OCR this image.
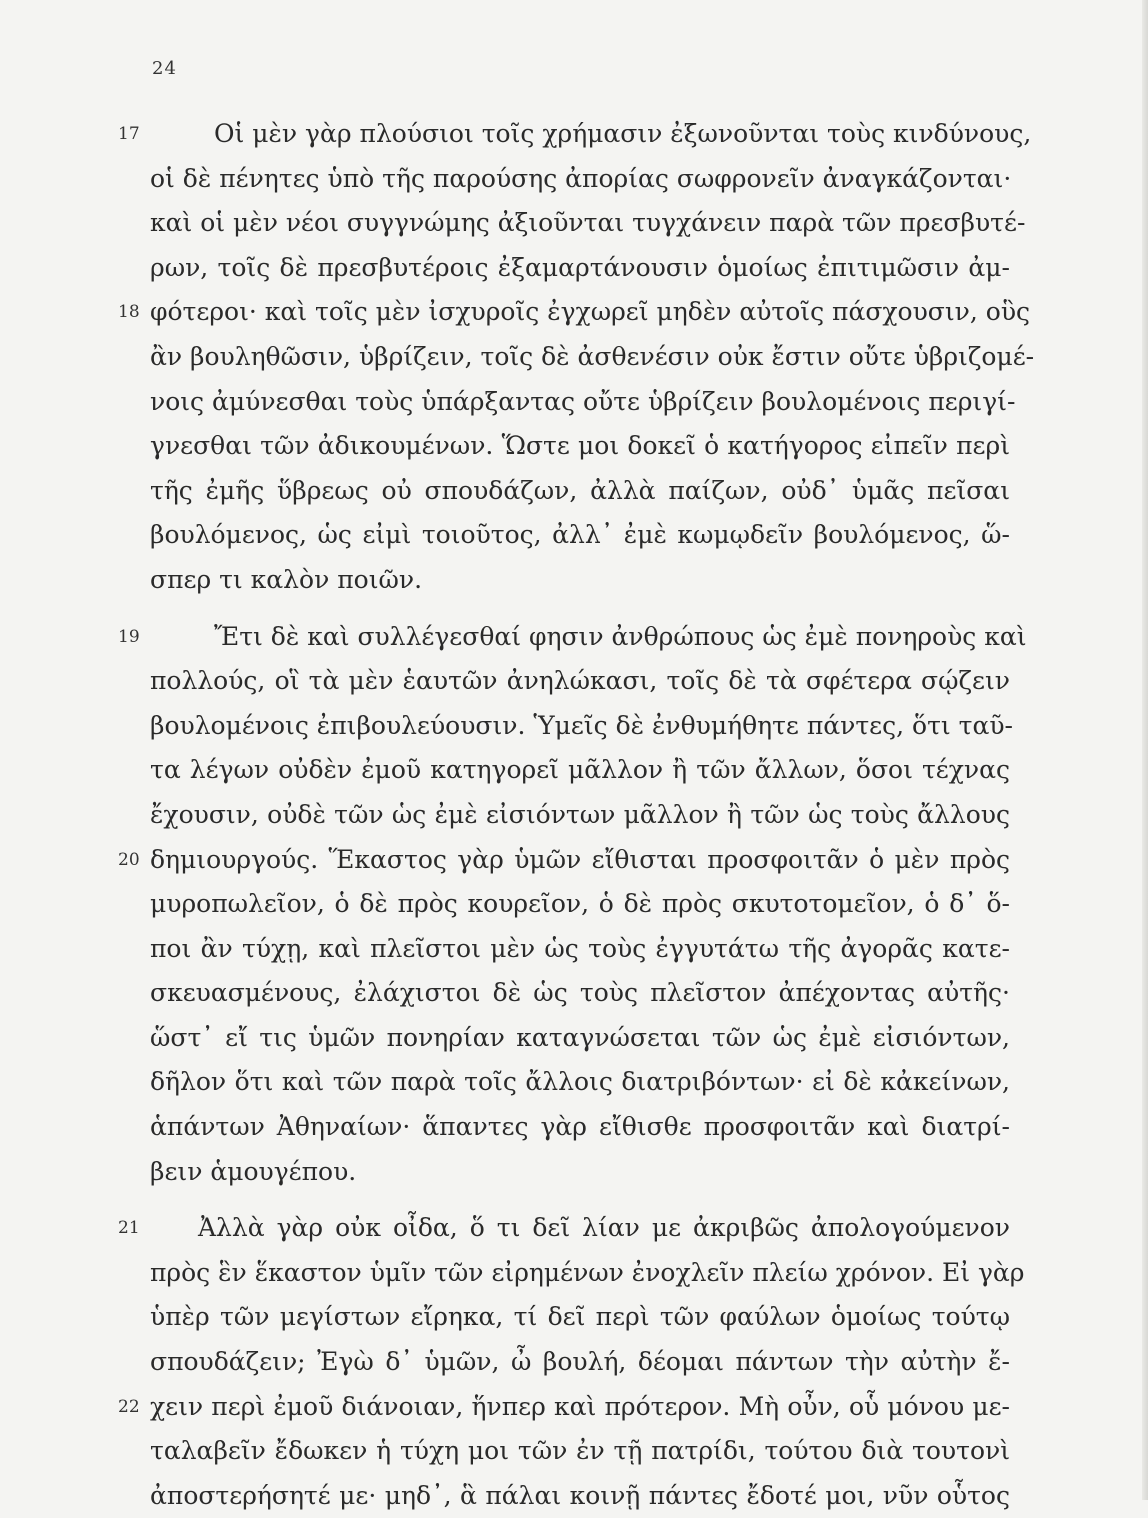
24
17	Οἱ μὲν γὰρ πλούσιοι τοῖς χρήμασιν ἐξωνοῦνται τοὺς κινδύνους,
οἱ δὲ πένητες ὑπὸ τῆς παρούσης ἀπορίας σωφρονεῖν ἀναγκάζονται·
καὶ οἱ μὲν νέοι συγγνώμης ἀξιοῦνται τυγχάνειν παρὰ τῶν πρεσβυτέ-
ρων, τοῖς δὲ πρεσβυτέροις ἐξαμαρτάνουσιν ὁμοίως ἐπιτιμῶσιν ἀμ-
18 φότεροι· καὶ τοῖς μὲν ἰσχυροῖς ἐγχωρεῖ μηδὲν αὐτοῖς πάσχουσιν, οὓς
ἂν βουληθῶσιν, ὑβρίζειν, τοῖς δὲ ἀσθενέσιν οὐκ ἔστιν οὔτε ὑβριζομέ-
νοις ἀμύνεσθαι τοὺς ὑπάρξαντας οὔτε ὑβρίζειν βουλομένοις περιγί-
γνεσθαι τῶν ἀδικουμένων. Ὥστε μοι δοκεῖ ὁ κατήγορος εἰπεῖν περὶ
τῆς ἐμῆς ὕβρεως οὐ σπουδάζων, ἀλλὰ παίζων, οὐδ᾽ ὑμᾶς πεῖσαι
βουλόμενος, ὡς εἰμὶ τοιοῦτος, ἀλλ᾽ ἐμὲ κωμῳδεῖν βουλόμενος, ὥ-
σπερ τι καλὸν ποιῶν.
19	Ἔτι δὲ καὶ συλλέγεσθαί φησιν ἀνθρώπους ὡς ἐμὲ πονηροὺς καὶ
πολλούς, οἳ τὰ μὲν ἑαυτῶν ἀνηλώκασι, τοῖς δὲ τὰ σφέτερα σῴζειν
βουλομένοις ἐπιβουλεύουσιν. Ὑμεῖς δὲ ἐνθυμήθητε πάντες, ὅτι ταῦ-
τα λέγων οὐδὲν ἐμοῦ κατηγορεῖ μᾶλλον ἢ τῶν ἄλλων, ὅσοι τέχνας
ἔχουσιν, οὐδὲ τῶν ὡς ἐμὲ εἰσιόντων μᾶλλον ἢ τῶν ὡς τοὺς ἄλλους
20 δημιουργούς. Ἕκαστος γὰρ ὑμῶν εἴθισται προσφοιτᾶν ὁ μὲν πρὸς
μυροπωλεῖον, ὁ δὲ πρὸς κουρεῖον, ὁ δὲ πρὸς σκυτοτομεῖον, ὁ δ᾽ ὅ-
ποι ἂν τύχῃ, καὶ πλεῖστοι μὲν ὡς τοὺς ἐγγυτάτω τῆς ἀγορᾶς κατε-
σκευασμένους, ἐλάχιστοι δὲ ὡς τοὺς πλεῖστον ἀπέχοντας αὐτῆς·
ὥστ᾽ εἴ τις ὑμῶν πονηρίαν καταγνώσεται τῶν ὡς ἐμὲ εἰσιόντων,
δῆλον ὅτι καὶ τῶν παρὰ τοῖς ἄλλοις διατριβόντων· εἰ δὲ κἀκείνων,
ἁπάντων Ἀθηναίων· ἅπαντες γὰρ εἴθισθε προσφοιτᾶν καὶ διατρί-
βειν ἁμουγέπου.
21	Ἀλλὰ γὰρ οὐκ οἶδα, ὅ τι δεῖ λίαν με ἀκριβῶς ἀπολογούμενον
πρὸς ἓν ἕκαστον ὑμῖν τῶν εἰρημένων ἐνοχλεῖν πλείω χρόνον. Εἰ γὰρ
ὑπὲρ τῶν μεγίστων εἴρηκα, τί δεῖ περὶ τῶν φαύλων ὁμοίως τούτῳ
σπουδάζειν; Ἐγὼ δ᾽ ὑμῶν, ὦ βουλή, δέομαι πάντων τὴν αὐτὴν ἔ-
22 χειν περὶ ἐμοῦ διάνοιαν, ἥνπερ καὶ πρότερον. Μὴ οὖν, οὗ μόνου με-
ταλαβεῖν ἔδωκεν ἡ τύχη μοι τῶν ἐν τῇ πατρίδι, τούτου διὰ τουτονὶ
ἀποστερήσητέ με· μηδ᾽, ἃ πάλαι κοινῇ πάντες ἔδοτέ μοι, νῦν οὗτος
